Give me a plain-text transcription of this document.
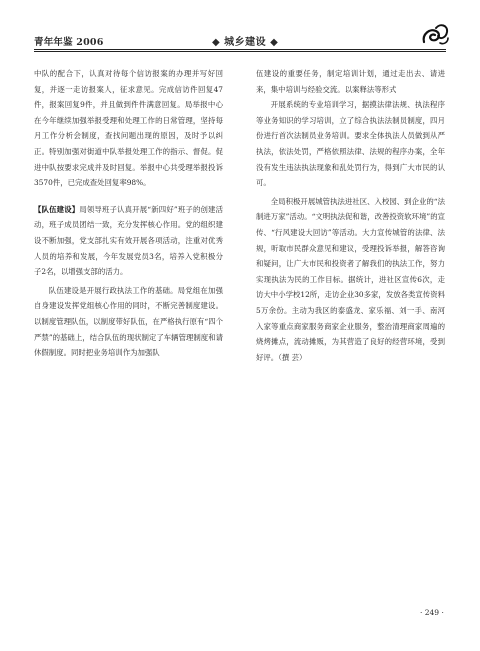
青年年鉴 2006	◆ 城乡建设 ◆

中队的配合下，认真对待每个信访报案的办理并写好回复，并逐一走访报案人，征求意见。完成信访件回复47件，报案回复9件，并且做到件件满意回复。局举报中心在今年继续加强举报受理和处理工作的日常管理，坚持每月工作分析会制度，查找问题出现的原因，及时予以纠正。特别加强对街道中队举报处理工作的指示、督促。促进中队按要求完成并及时回复。举报中心共受理举报投诉3570件，已完成查处回复率98%。

【队伍建设】局领导班子认真开展“新四好”班子的创建活动，班子成员团结一致，充分发挥核心作用。党的组织建设不断加强，党支部扎实有效开展各项活动，注重对优秀人员的培养和发展，今年发展党员3名，培养入党积极分子2名，以增强支部的活力。

队伍建设是开展行政执法工作的基础。局党组在加强自身建设发挥党组核心作用的同时，不断完善制度建设。以制度管理队伍，以制度带好队伍，在严格执行原有“四个严禁”的基础上，结合队伍的现状制定了车辆管理制度和请休假制度。同时把业务培训作为加强队

伍建设的重要任务，制定培训计划，通过走出去、请进来，集中培训与经验交流。以案释法等形式

开展系统的专业培训学习，据摸法律法规、执法程序等业务知识的学习培训，立了综合执法法制员制度，四月份进行首次法制员业务培训。要求全体执法人员做到从严执法，依法处罚，严格依照法律、法规的程序办案，全年没有发生违法执法现象和乱处罚行为，得到广大市民的认可。

全局积极开展城管执法进社区、入校园、到企业的“法制进万家”活动。“文明执法促和谐，改善投资软环境”的宣传、“行风建设大回访”等活动。大力宣传城管的法律、法规，听取市民群众意见和建议，受理投诉举报，解答咨询和疑问，让广大市民和投资者了解我们的执法工作，努力实现执法为民的工作目标。据统计，进社区宣传6次，走访大中小学校12所，走访企业30多家，发放各类宣传资料5万余份。主动为我区的泰盛龙、家乐福、刘一手、南河入家等重点商家服务商家企业服务，整治清理商家周遍的烧烤摊点，流动摊贩，为其营造了良好的经营环境，受到好评。（撰 芸）

· 249 ·
